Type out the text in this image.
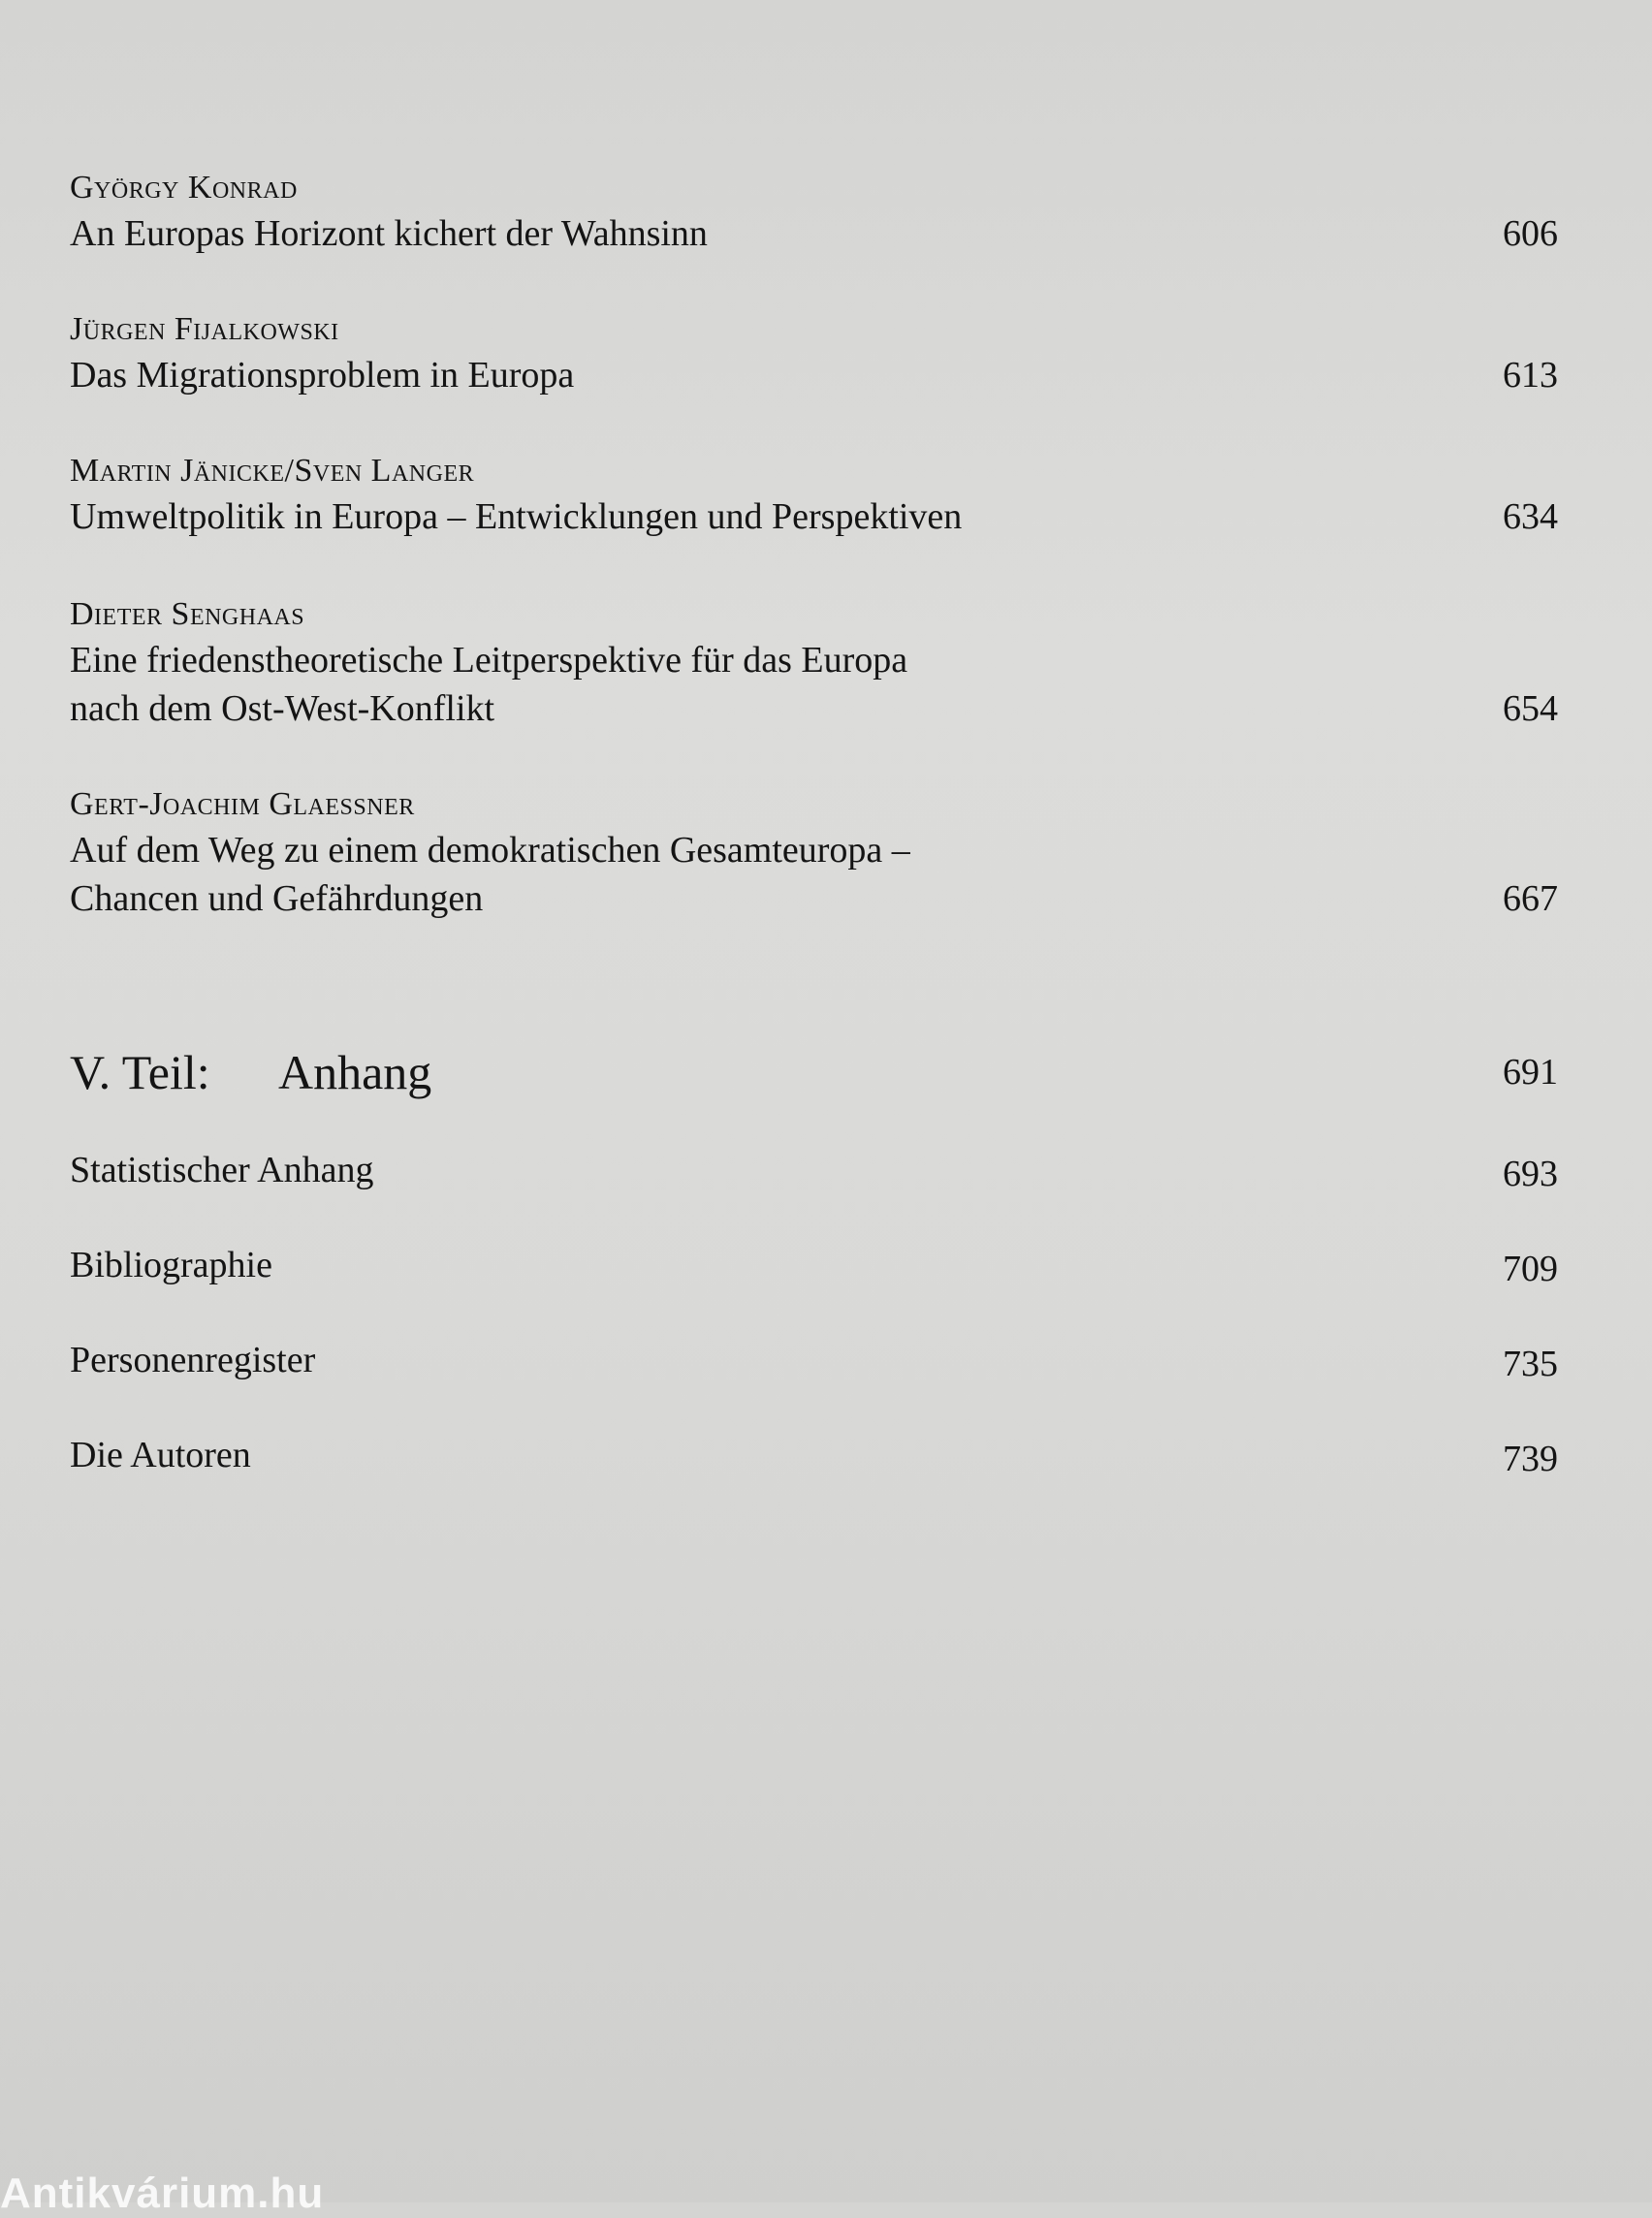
György Konrad
An Europas Horizont kichert der Wahnsinn	606
Jürgen Fijalkowski
Das Migrationsproblem in Europa	613
Martin Jänicke/Sven Langer
Umweltpolitik in Europa – Entwicklungen und Perspektiven	634
Dieter Senghaas
Eine friedenstheoretische Leitperspektive für das Europa
nach dem Ost-West-Konflikt	654
Gert-Joachim Glaessner
Auf dem Weg zu einem demokratischen Gesamteuropa –
Chancen und Gefährdungen	667
V. Teil: Anhang	691
Statistischer Anhang	693
Bibliographie	709
Personenregister	735
Die Autoren	739
Antikvárium.hu
